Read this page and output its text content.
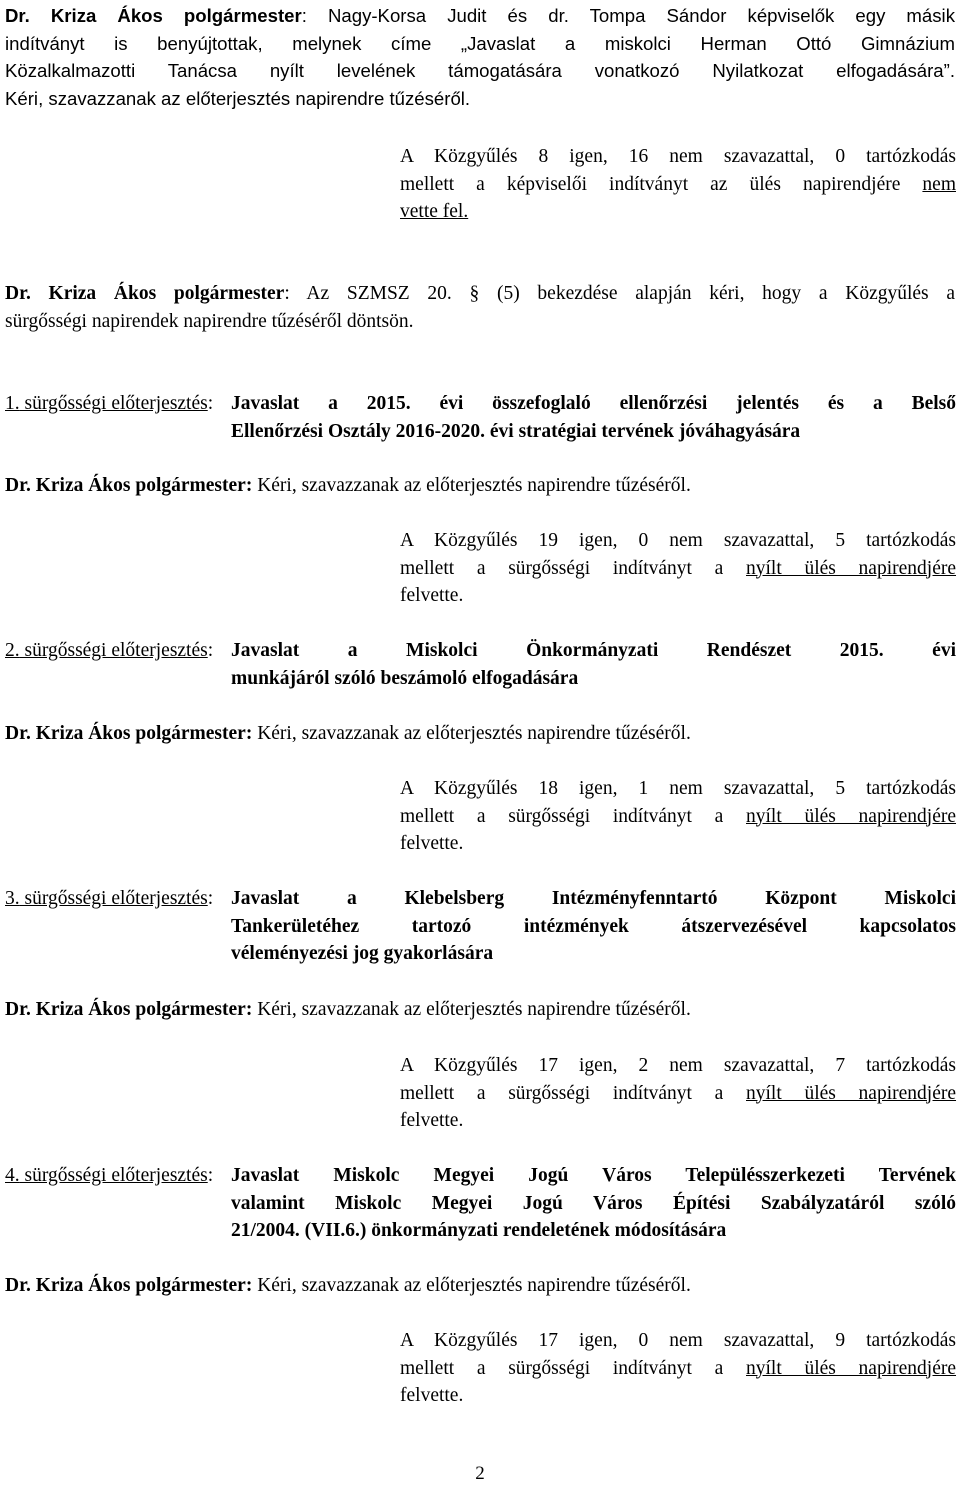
Dr. Kriza Ákos polgármester: Nagy-Korsa Judit és dr. Tompa Sándor képviselők egy másik
indítványt is benyújtottak, melynek címe „Javaslat a miskolci Herman Ottó Gimnázium
Közalkalmazotti Tanácsa nyílt levelének támogatására vonatkozó Nyilatkozat elfogadására”.
Kéri, szavazzanak az előterjesztés napirendre tűzéséről.
A Közgyűlés 8 igen, 16 nem szavazattal, 0 tartózkodás
mellett a képviselői indítványt az ülés napirendjére nem
vette fel.
Dr. Kriza Ákos polgármester: Az SZMSZ 20. § (5) bekezdése alapján kéri, hogy a Közgyűlés a
sürgősségi napirendek napirendre tűzéséről döntsön.
1. sürgősségi előterjesztés: Javaslat a 2015. évi összefoglaló ellenőrzési jelentés és a Belső
Ellenőrzési Osztály 2016-2020. évi stratégiai tervének jóváhagyására
Dr. Kriza Ákos polgármester: Kéri, szavazzanak az előterjesztés napirendre tűzéséről.
A Közgyűlés 19 igen, 0 nem szavazattal, 5 tartózkodás
mellett a sürgősségi indítványt a nyílt ülés napirendjére
felvette.
2. sürgősségi előterjesztés: Javaslat a Miskolci Önkormányzati Rendészet 2015. évi
munkájáról szóló beszámoló elfogadására
Dr. Kriza Ákos polgármester: Kéri, szavazzanak az előterjesztés napirendre tűzéséről.
A Közgyűlés 18 igen, 1 nem szavazattal, 5 tartózkodás
mellett a sürgősségi indítványt a nyílt ülés napirendjére
felvette.
3. sürgősségi előterjesztés: Javaslat a Klebelsberg Intézményfenntartó Központ Miskolci
Tankerületéhez tartozó intézmények átszervezésével kapcsolatos
véleményezési jog gyakorlására
Dr. Kriza Ákos polgármester: Kéri, szavazzanak az előterjesztés napirendre tűzéséről.
A Közgyűlés 17 igen, 2 nem szavazattal, 7 tartózkodás
mellett a sürgősségi indítványt a nyílt ülés napirendjére
felvette.
4. sürgősségi előterjesztés: Javaslat Miskolc Megyei Jogú Város Településszerkezeti Tervének
valamint Miskolc Megyei Jogú Város Építési Szabályzatáról szóló
21/2004. (VII.6.) önkormányzati rendeletének módosítására
Dr. Kriza Ákos polgármester: Kéri, szavazzanak az előterjesztés napirendre tűzéséről.
A Közgyűlés 17 igen, 0 nem szavazattal, 9 tartózkodás
mellett a sürgősségi indítványt a nyílt ülés napirendjére
felvette.
2
